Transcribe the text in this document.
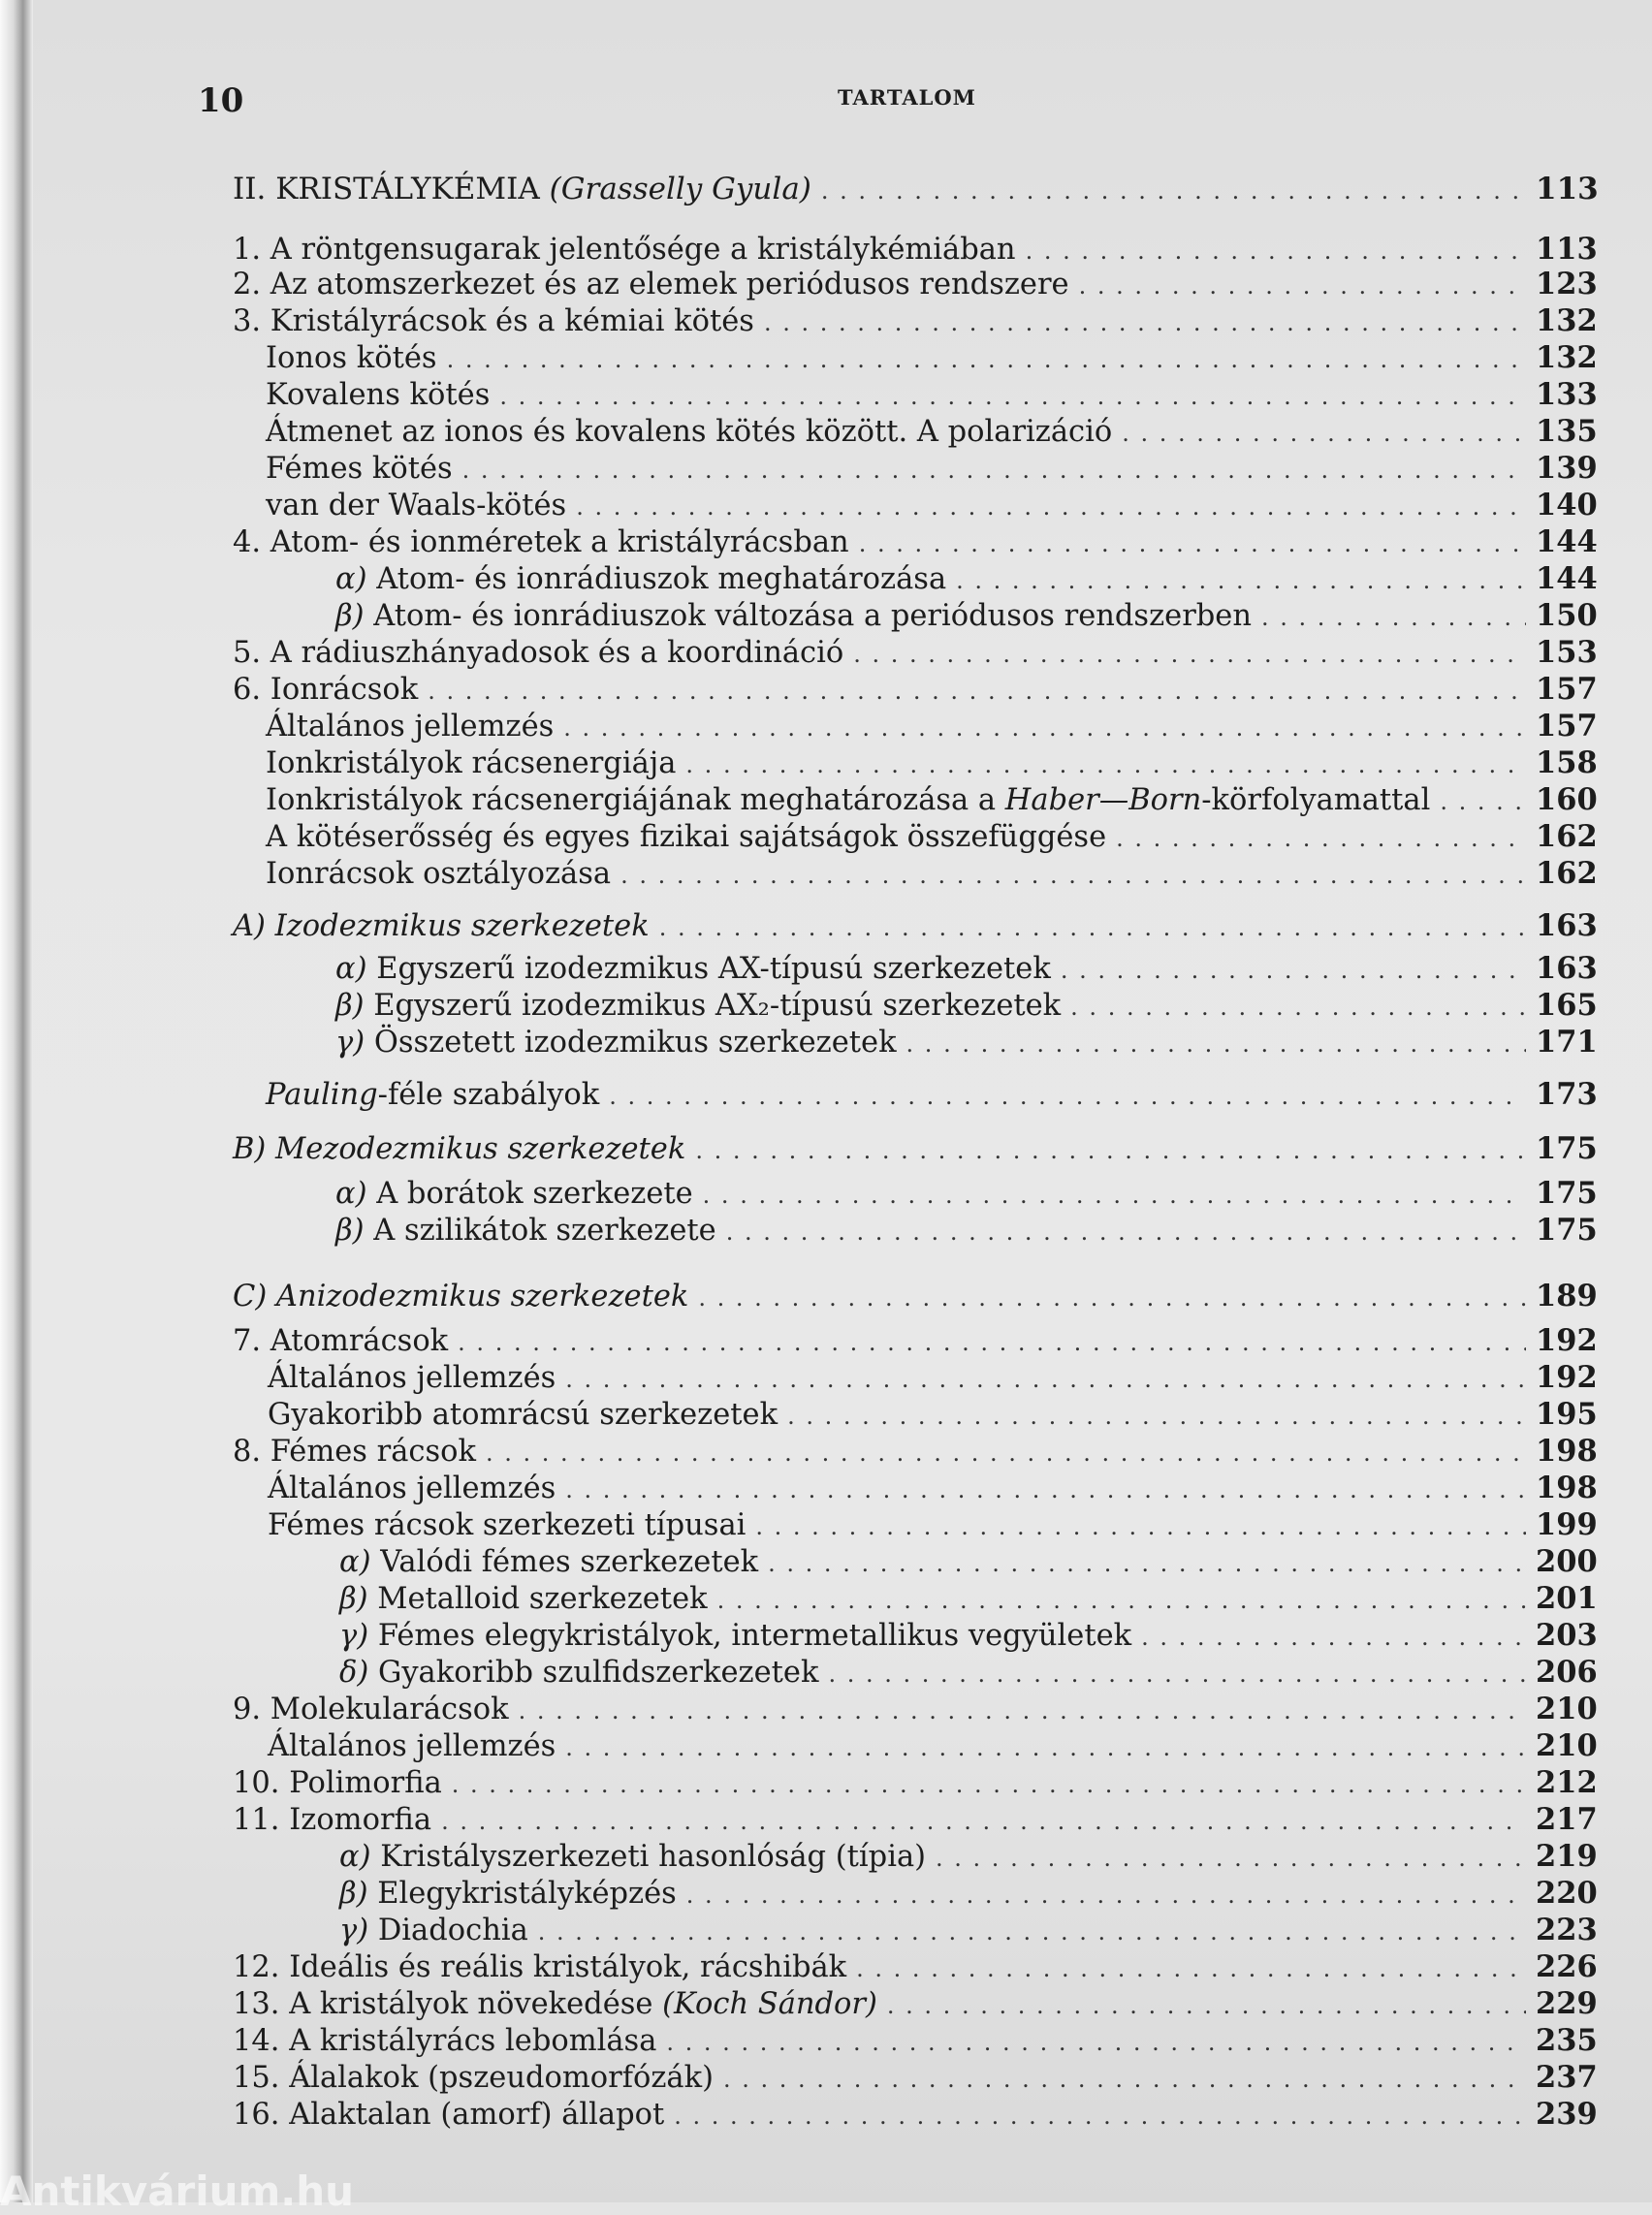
10	TARTALOM
II. KRISTÁLYKÉMIA (Grasselly Gyula) . . .	113
1. A röntgensugarak jelentősége a kristálykémiában . . .	113
2. Az atomszerkezet és az elemek periódusos rendszere . . .	123
3. Kristályrácsok és a kémiai kötés . . .	132
Ionos kötés . . .	132
Kovalens kötés . . .	133
Átmenet az ionos és kovalens kötés között. A polarizáció . . .	135
Fémes kötés . . .	139
van der Waals-kötés . . .	140
4. Atom- és ionméretek a kristályrácsban . . .	144
α) Atom- és ionrádiuszok meghatározása . . .	144
β) Atom- és ionrádiuszok változása a periódusos rendszerben . . .	150
5. A rádiuszhányadosok és a koordináció . . .	153
6. Ionrácsok . . .	157
Általános jellemzés . . .	157
Ionkristályok rácsenergiája . . .	158
Ionkristályok rácsenergiájának meghatározása a Haber—Born-körfolyamattal . . .	160
A kötéserősség és egyes fizikai sajátságok összefüggése . . .	162
Ionrácsok osztályozása . . .	162
A) Izodezmikus szerkezetek . . .	163
α) Egyszerű izodezmikus AX-típusú szerkezetek . . .	163
β) Egyszerű izodezmikus AX₂-típusú szerkezetek . . .	165
γ) Összetett izodezmikus szerkezetek . . .	171
Pauling-féle szabályok . . .	173
B) Mezodezmikus szerkezetek . . .	175
α) A borátok szerkezete . . .	175
β) A szilikátok szerkezete . . .	175
C) Anizodezmikus szerkezetek . . .	189
7. Atomrácsok . . .	192
Általános jellemzés . . .	192
Gyakoribb atomrácsú szerkezetek . . .	195
8. Fémes rácsok . . .	198
Általános jellemzés . . .	198
Fémes rácsok szerkezeti típusai . . .	199
α) Valódi fémes szerkezetek . . .	200
β) Metalloid szerkezetek . . .	201
γ) Fémes elegykristályok, intermetallikus vegyületek . . .	203
δ) Gyakoribb szulfidszerkezetek . . .	206
9. Molekularácsok . . .	210
Általános jellemzés . . .	210
10. Polimorfia . . .	212
11. Izomorfia . . .	217
α) Kristályszerkezeti hasonlóság (típia) . . .	219
β) Elegykristályképzés . . .	220
γ) Diadochia . . .	223
12. Ideális és reális kristályok, rácshibák . . .	226
13. A kristályok növekedése (Koch Sándor) . . .	229
14. A kristályrács lebomlása . . .	235
15. Álalakok (pszeudomorfózák) . . .	237
16. Alaktalan (amorf) állapot . . .	239
Antikvárium.hu
